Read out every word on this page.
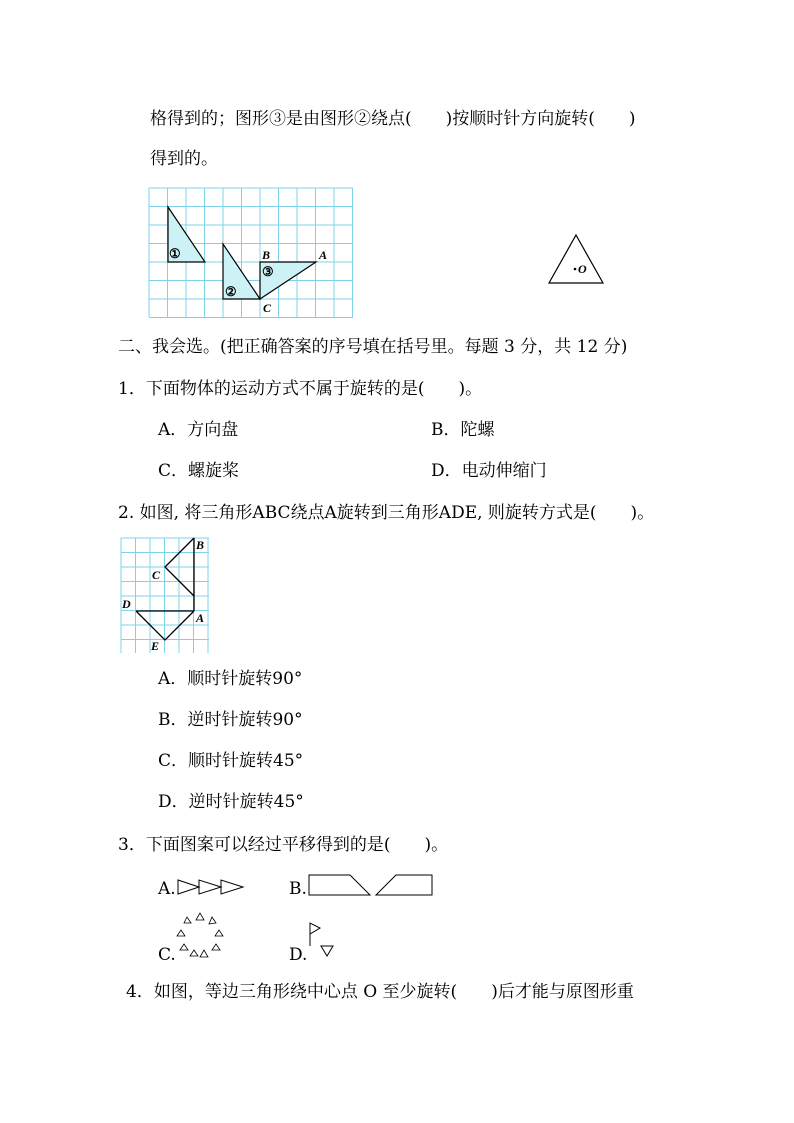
格得到的；图形③是由图形②绕点(　　)按顺时针方向旋转(　　)
得到的。
①
②
③
B	A
C
O
二、我会选。(把正确答案的序号填在括号里。每题 3 分，共 12 分)
1．下面物体的运动方式不属于旋转的是(　　)。
A．方向盘	B．陀螺
C．螺旋桨	D．电动伸缩门
2. 如图, 将三角形ABC绕点A旋转到三角形ADE, 则旋转方式是(　　)。
B
C
D
A
E
A．顺时针旋转90°
B．逆时针旋转90°
C．顺时针旋转45°
D．逆时针旋转45°
3．下面图案可以经过平移得到的是(　　)。
A.	B.
C.	D.
4．如图，等边三角形绕中心点 O 至少旋转(　　)后才能与原图形重
